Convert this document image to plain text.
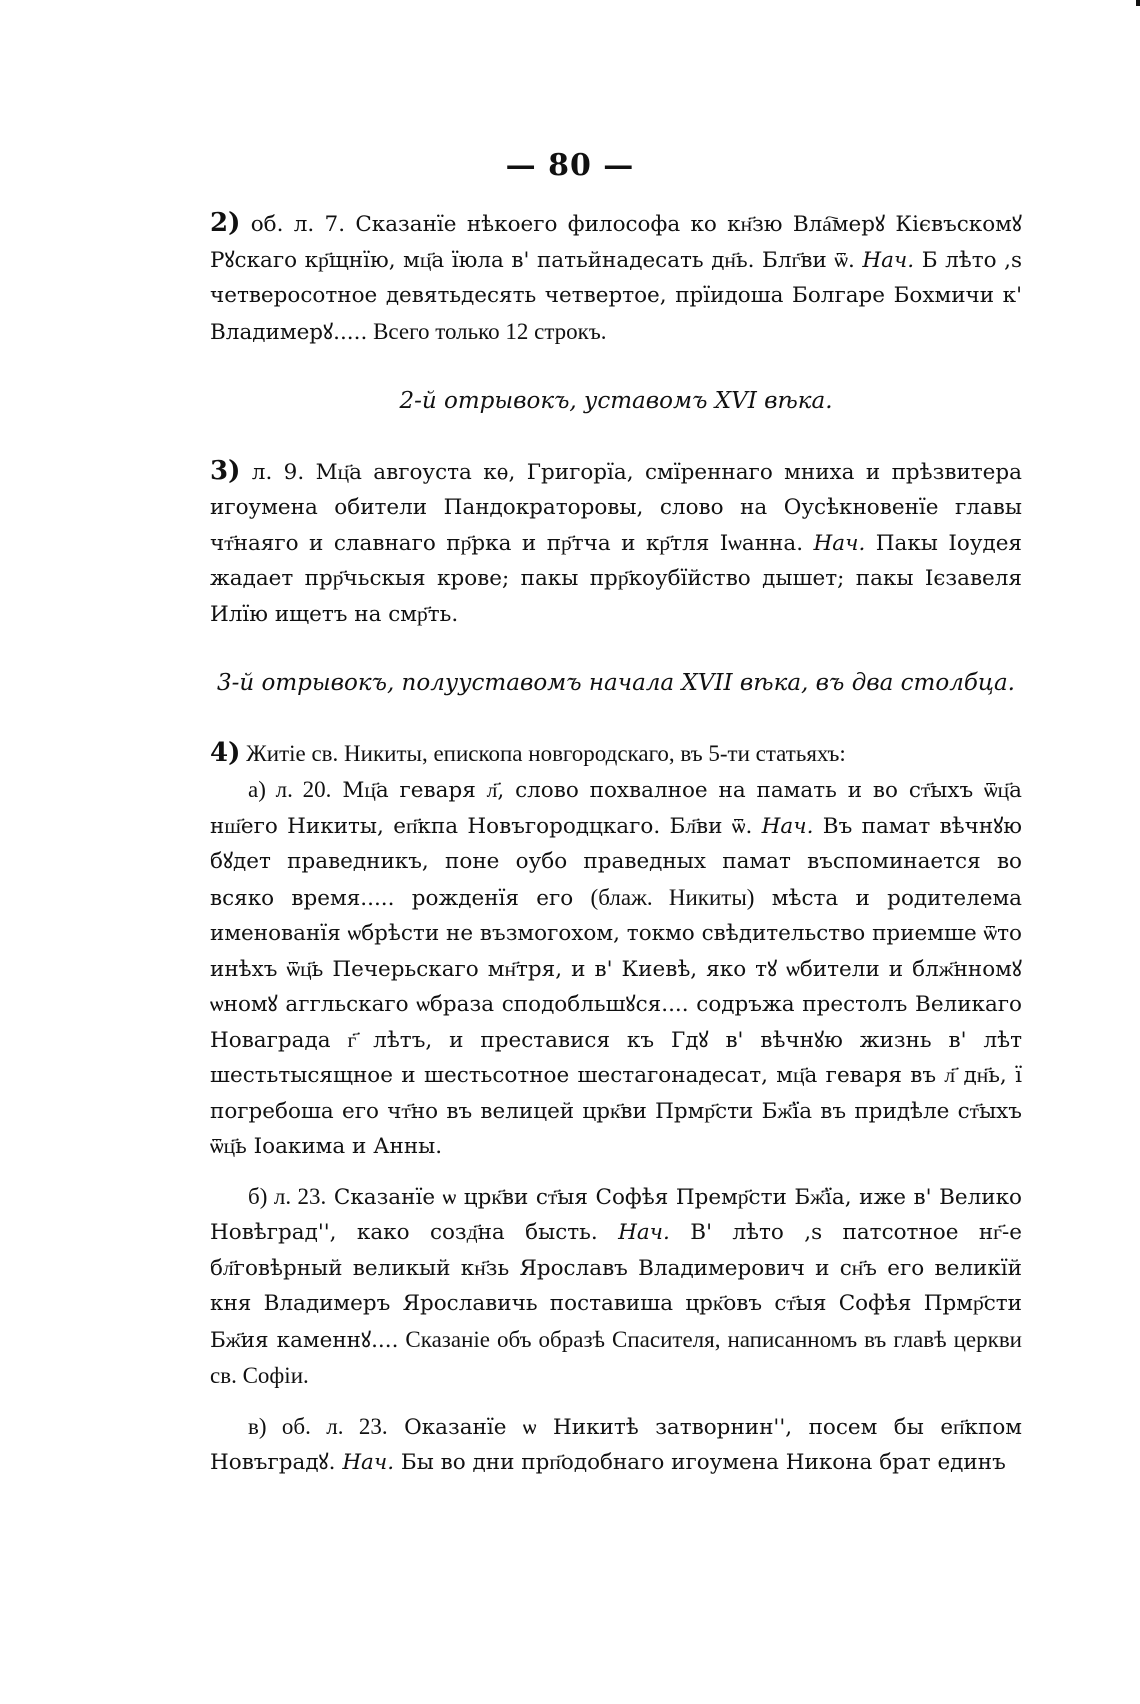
— 80 —

2) об. л. 7. Сказанїе нѣкоего философа ко кн҃зю Вла҇мерꙋ Кієвъскомꙋ Рꙋскаго кр҃щнїю, мц҃а їюла в' патьйнадесать дн҃ь. Блг҃ви ѿ. Нач. Б лѣто ,ѕ четверосотное девятьдесять четвертое, прїидоша Болгаре Бохмичи к' Владимерꙋ..... Всего только 12 строкъ.

2-й отрывокъ, уставомъ XVI вѣка.

3) л. 9. Мц҃а авгоуста кѳ, Григорїа, смїреннаго мниха и прѣзвитера игоумена обители Пандократоровы, слово на Оусѣкновенїе главы чт҃наяго и славнаго пр҃рка и пр҃тча и кр҃тля Іѡанна. Нач. Пакы Іоудея жадает прр҃чьскыя крове; пакы прр҃коубїйство дышет; пакы Ієзавеля Илїю ищетъ на смр҃ть.

3-й отрывокъ, полууставомъ начала XVII вѣка, въ два столбца.

4) Житіе св. Никиты, епископа новгородскаго, въ 5-ти статьяхъ:

а) л. 20. Мц҃а геваря л҃, слово похвалное на памать и во ст҃ыхъ ѿц҃а нш҃его Никиты, еп҃кпа Новъгородцкаго. Бл҃ви ѿ. Нач. Въ памат вѣчнꙋю бꙋдет праведникъ, поне оубо праведных памат въспоминается во всяко время..... рожденїя его (блаж. Никиты) мѣста и родителема именованїя ѡбрѣсти не възмогохом, токмо свѣдительство приемше ѿто инѣхъ ѿц҃ь Печерьскаго мн҃тря, и в' Киевѣ, яко тꙋ ѡбители и блж҃нномꙋ ѡномꙋ аггльскаго ѡбраза сподобльшꙋся.... содръжа престолъ Великаго Новаграда г҃ лѣтъ, и преставися къ Гдꙋ в' вѣчнꙋю жизнь в' лѣт шестьтысящное и шестьсотное шестагонадесат, мц҃а геваря въ л҃ дн҃ь, ї погребоша его чт҃но въ велицей црк҃ви Прмр҃сти Бж҃їа въ придѣле ст҃ыхъ ѿц҃ь Іоакима и Анны.

б) л. 23. Сказанїе ѡ црк҃ви ст҃ыя Софѣя Премр҃сти Бж҃їа, иже в' Велико Новѣград'', како созд҃на бысть. Нач. В' лѣто ,ѕ патсотное нг҃-е бл҃говѣрный великый кн҃зь Ярославъ Владимерович и сн҃ъ его великїй кня Владимеръ Ярославичь поставиша црк҃овъ ст҃ыя Софѣя Прмр҃сти Бж҃ия каменнꙋ.... Сказаніе объ образѣ Спасителя, написанномъ въ главѣ церкви св. Софіи.

в) об. л. 23. Оказанїе ѡ Никитѣ затворнин'', посем бы еп҃кпом Новъградꙋ. Нач. Бы во дни прп҃одобнаго игоумена Никона брат единъ
